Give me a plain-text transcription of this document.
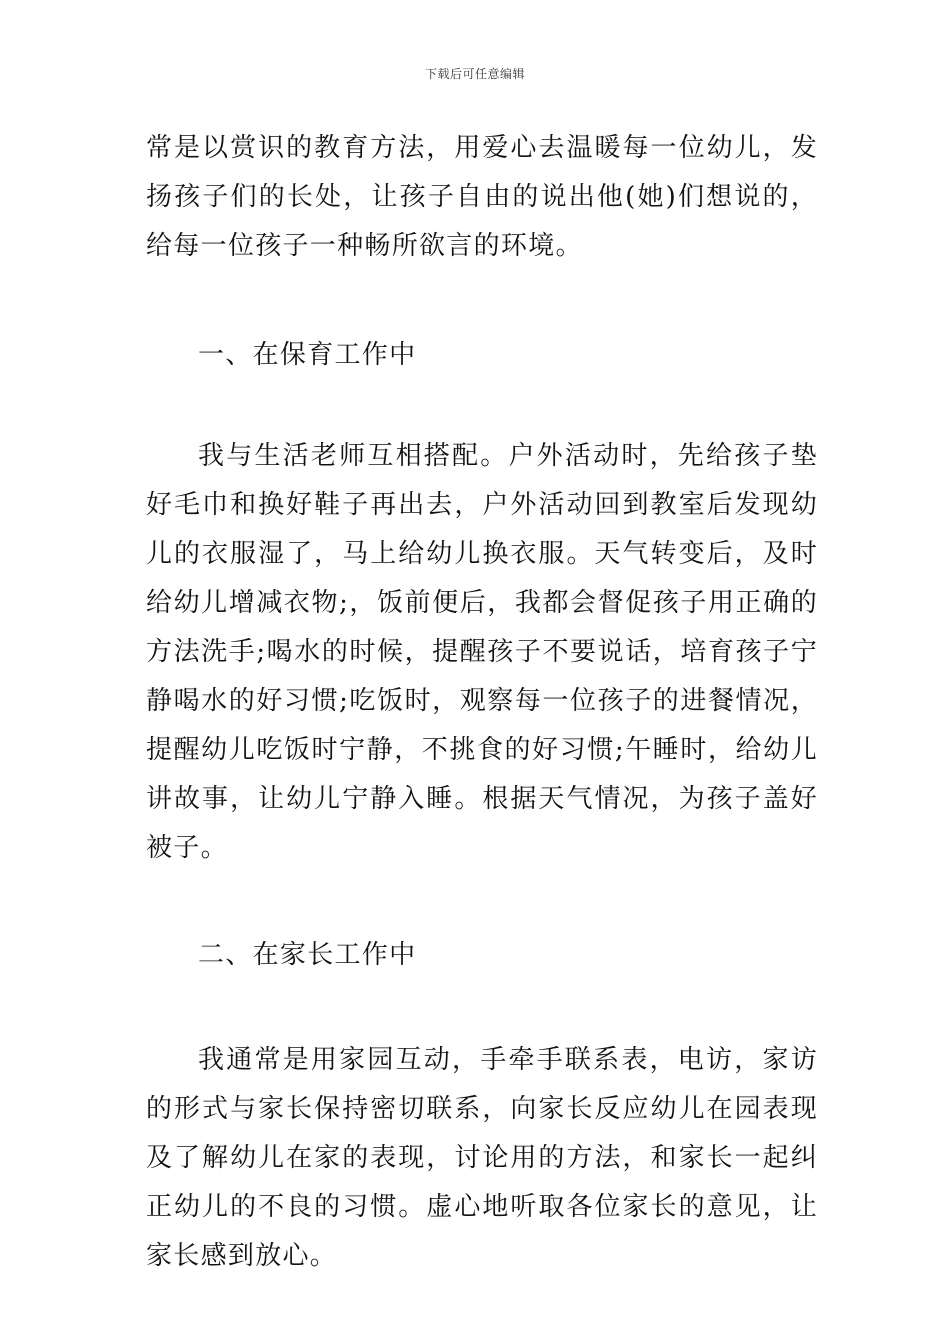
下载后可任意编辑

常是以赏识的教育方法，用爱心去温暖每一位幼儿，发扬孩子们的长处，让孩子自由的说出他(她)们想说的，给每一位孩子一种畅所欲言的环境。

一、在保育工作中

我与生活老师互相搭配。户外活动时，先给孩子垫好毛巾和换好鞋子再出去，户外活动回到教室后发现幼儿的衣服湿了，马上给幼儿换衣服。天气转变后，及时给幼儿增减衣物;，饭前便后，我都会督促孩子用正确的方法洗手;喝水的时候，提醒孩子不要说话，培育孩子宁静喝水的好习惯;吃饭时，观察每一位孩子的进餐情况，提醒幼儿吃饭时宁静，不挑食的好习惯;午睡时，给幼儿讲故事，让幼儿宁静入睡。根据天气情况，为孩子盖好被子。

二、在家长工作中

我通常是用家园互动，手牵手联系表，电访，家访的形式与家长保持密切联系，向家长反应幼儿在园表现及了解幼儿在家的表现，讨论用的方法，和家长一起纠正幼儿的不良的习惯。虚心地听取各位家长的意见，让家长感到放心。
